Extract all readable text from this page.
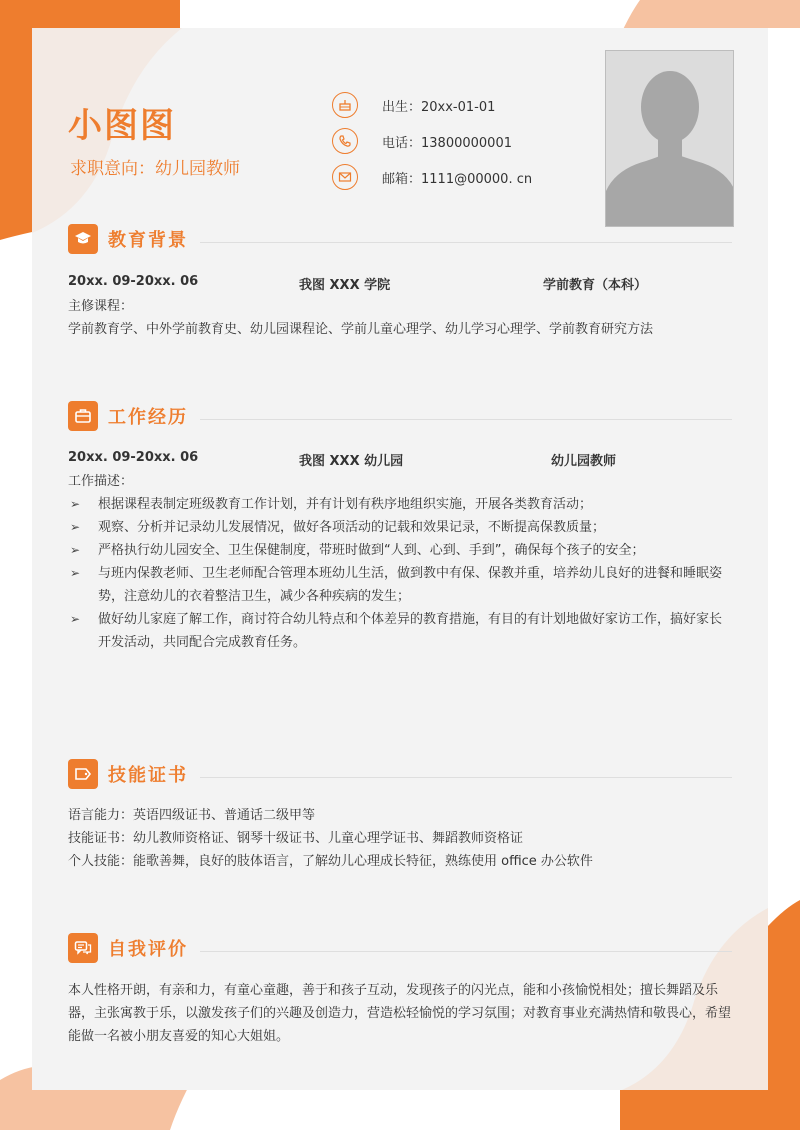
小图图
求职意向：幼儿园教师
出生：20xx-01-01
电话：13800000001
邮箱：1111@00000. cn
教育背景
20xx. 09-20xx. 06	我图 XXX 学院	学前教育（本科）
主修课程：
学前教育学、中外学前教育史、幼儿园课程论、学前儿童心理学、幼儿学习心理学、学前教育研究方法
工作经历
20xx. 09-20xx. 06	我图 XXX 幼儿园	幼儿园教师
工作描述：
➢ 根据课程表制定班级教育工作计划，并有计划有秩序地组织实施，开展各类教育活动；
➢ 观察、分析并记录幼儿发展情况，做好各项活动的记载和效果记录，不断提高保教质量；
➢ 严格执行幼儿园安全、卫生保健制度，带班时做到“人到、心到、手到”，确保每个孩子的安全；
➢ 与班内保教老师、卫生老师配合管理本班幼儿生活，做到教中有保、保教并重，培养幼儿良好的进餐和睡眠姿势，注意幼儿的衣着整洁卫生，减少各种疾病的发生；
➢ 做好幼儿家庭了解工作，商讨符合幼儿特点和个体差异的教育措施，有目的有计划地做好家访工作，搞好家长开发活动，共同配合完成教育任务。
技能证书
语言能力：英语四级证书、普通话二级甲等
技能证书：幼儿教师资格证、钢琴十级证书、儿童心理学证书、舞蹈教师资格证
个人技能：能歌善舞，良好的肢体语言，了解幼儿心理成长特征，熟练使用 office 办公软件
自我评价
本人性格开朗，有亲和力，有童心童趣，善于和孩子互动，发现孩子的闪光点，能和小孩愉悦相处；擅长舞蹈及乐器，主张寓教于乐，以激发孩子们的兴趣及创造力，营造松轻愉悦的学习氛围；对教育事业充满热情和敬畏心，希望能做一名被小朋友喜爱的知心大姐姐。
